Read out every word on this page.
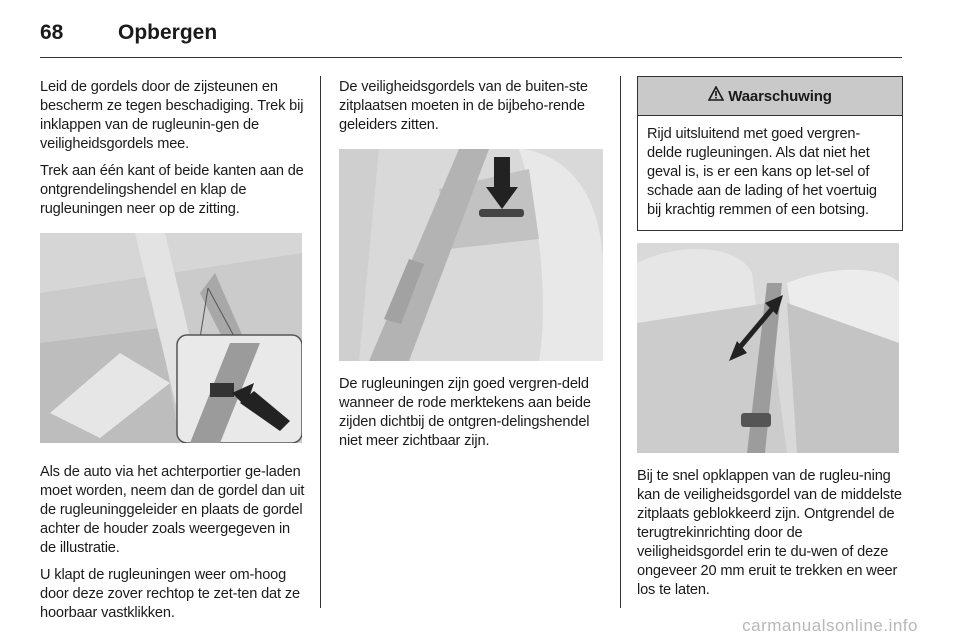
68	Opbergen

Leid de gordels door de zijsteunen en bescherm ze tegen beschadiging. Trek bij inklappen van de rugleunin-gen de veiligheidsgordels mee.

Trek aan één kant of beide kanten aan de ontgrendelingshendel en klap de rugleuningen neer op de zitting.

Als de auto via het achterportier ge-laden moet worden, neem dan de gordel dan uit de rugleuninggeleider en plaats de gordel achter de houder zoals weergegeven in de illustratie.

U klapt de rugleuningen weer om-hoog door deze zover rechtop te zet-ten dat ze hoorbaar vastklikken.

De veiligheidsgordels van de buiten-ste zitplaatsen moeten in de bijbeho-rende geleiders zitten.

De rugleuningen zijn goed vergren-deld wanneer de rode merktekens aan beide zijden dichtbij de ontgren-delingshendel niet meer zichtbaar zijn.

Waarschuwing
Rijd uitsluitend met goed vergren-delde rugleuningen. Als dat niet het geval is, is er een kans op let-sel of schade aan de lading of het voertuig bij krachtig remmen of een botsing.

Bij te snel opklappen van de rugleu-ning kan de veiligheidsgordel van de middelste zitplaats geblokkeerd zijn. Ontgrendel de terugtrekinrichting door de veiligheidsgordel erin te du-wen of deze ongeveer 20 mm eruit te trekken en weer los te laten.

carmanualsonline.info
